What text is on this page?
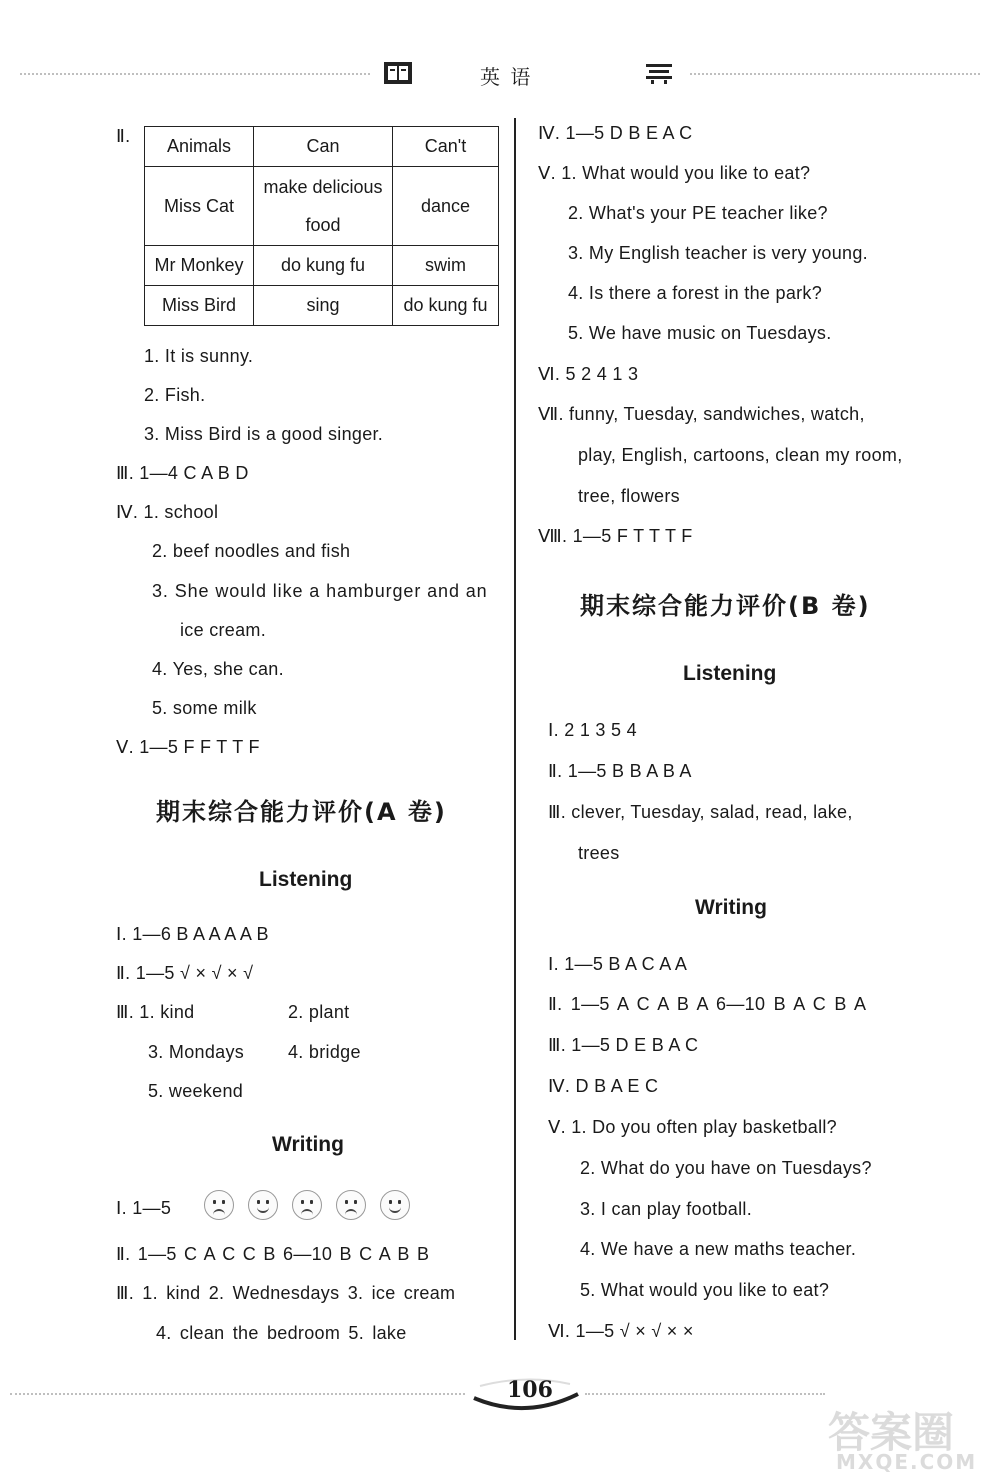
英 语
Ⅱ. Animals	Can	Can't
Miss Cat	make delicious food	dance
Mr Monkey	do kung fu	swim
Miss Bird	sing	do kung fu
1. It is sunny.
2. Fish.
3. Miss Bird is a good singer.
Ⅲ. 1—4 C A B D
Ⅳ. 1. school
2. beef noodles and fish
3. She would like a hamburger and an
ice cream.
4. Yes, she can.
5. some milk
Ⅴ. 1—5 F F T T F
期末综合能力评价(A 卷)
Listening
Ⅰ. 1—6 B A A A A B
Ⅱ. 1—5 √ × √ × √
Ⅲ. 1. kind	2. plant
3. Mondays 4. bridge
5. weekend
Writing
Ⅰ. 1—5
Ⅱ. 1—5 C A C C B 6—10 B C A B B
Ⅲ. 1. kind 2. Wednesdays 3. ice cream
4. clean the bedroom 5. lake
Ⅳ. 1—5 D B E A C
Ⅴ. 1. What would you like to eat?
2. What's your PE teacher like?
3. My English teacher is very young.
4. Is there a forest in the park?
5. We have music on Tuesdays.
Ⅵ. 5 2 4 1 3
Ⅶ. funny, Tuesday, sandwiches, watch,
play, English, cartoons, clean my room,
tree, flowers
Ⅷ. 1—5 F T T T F
期末综合能力评价(B 卷)
Listening
Ⅰ. 2 1 3 5 4
Ⅱ. 1—5 B B A B A
Ⅲ. clever, Tuesday, salad, read, lake,
trees
Writing
Ⅰ. 1—5 B A C A A
Ⅱ. 1—5 A C A B A 6—10 B A C B A
Ⅲ. 1—5 D E B A C
Ⅳ. D B A E C
Ⅴ. 1. Do you often play basketball?
2. What do you have on Tuesdays?
3. I can play football.
4. We have a new maths teacher.
5. What would you like to eat?
Ⅵ. 1—5 √ × √ × ×
106
答案圈
MXQE.COM
